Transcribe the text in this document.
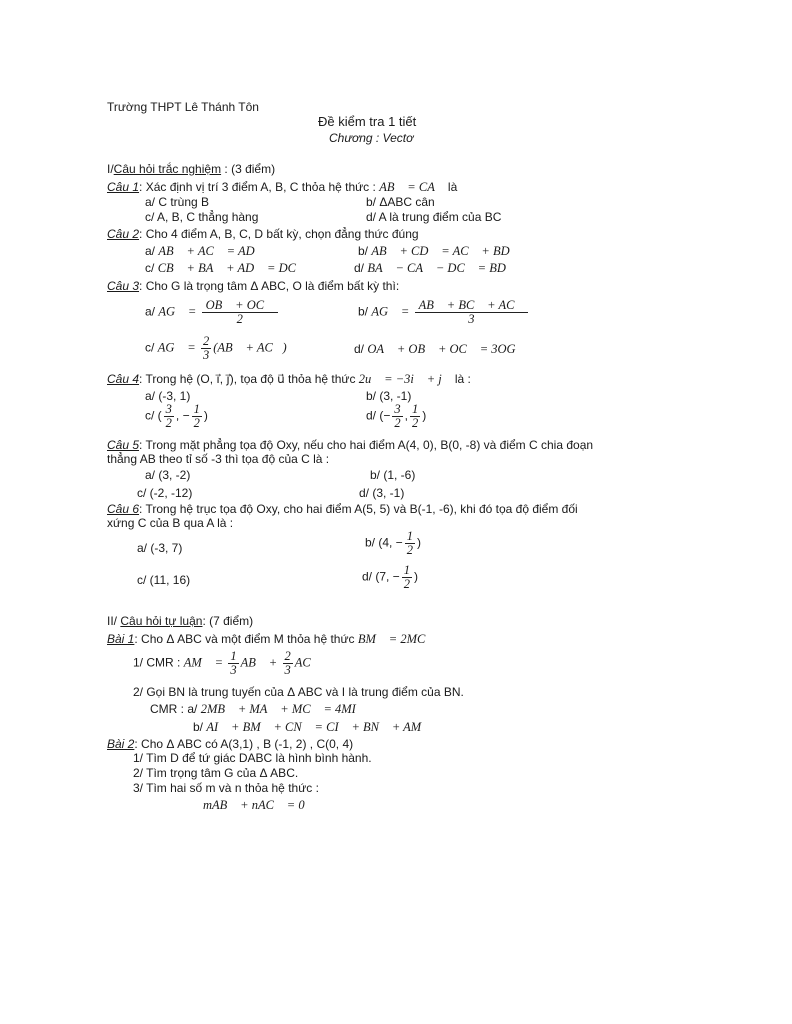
Trường THPT Lê Thánh Tôn
Đề kiểm tra 1 tiết
Chương : Vectơ
I/Câu hỏi trắc nghiệm : (3 điểm)
Câu 1: Xác định vị trí 3 điểm A, B, C thỏa hệ thức : AB⃗ = CA⃗ là
a/ C trùng B	b/ ΔABC cân
c/ A, B, C thẳng hàng	d/ A là trung điểm của BC
Câu 2: Cho 4 điểm A, B, C, D bất kỳ, chọn đẳng thức đúng
a/ AB⃗ + AC⃗ = AD⃗	b/ AB⃗ + CD⃗ = AC⃗ + BD⃗
c/ CB⃗ + BA⃗ + AD⃗ = DC⃗	d/ BA⃗ − CA⃗ − DC⃗ = BD⃗
Câu 3: Cho G là trọng tâm Δ ABC, O là điểm bất kỳ thì:
a/ AG⃗ = $\frac{OB⃗ + OC⃗}{2}$	b/ AG⃗ = $\frac{AB⃗ + BC⃗ + AC⃗}{3}$
c/ AG⃗ = $\frac{2}{3}$ (AB⃗ + AC⃗)	d/ OA⃗ + OB⃗ + OC⃗ = 3OG⃗
Câu 4: Trong hệ (O, i⃗, j⃗), tọa độ u⃗ thỏa hệ thức 2u⃗ = −3i⃗ + j⃗ là :
a/ (-3, 1)	b/ (3, -1)
c/ ( $\frac{3}{2}$ , − $\frac{1}{2}$ )	d/ (− $\frac{3}{2}$ , $\frac{1}{2}$ )
Câu 5: Trong mặt phẳng tọa độ Oxy, nếu cho hai điểm A(4, 0), B(0, -8) và điểm C chia đoạn
thẳng AB theo tỉ số -3 thì tọa độ của C là :
a/ (3, -2)	b/ (1, -6)
c/ (-2, -12)	d/ (3, -1)
Câu 6: Trong hệ trục tọa độ Oxy, cho hai điểm A(5, 5) và B(-1, -6), khi đó tọa độ điểm đối
xứng C của B qua A là :
a/ (-3, 7)	b/ (4, − $\frac{1}{2}$ )
c/ (11, 16)	d/ (7, − $\frac{1}{2}$ )
II/ Câu hỏi tự luận: (7 điểm)
Bài 1: Cho Δ ABC và một điểm M thỏa hệ thức BM⃗ = 2MC⃗
1/ CMR : AM⃗ = $\frac{1}{3}$ AB⃗ + $\frac{2}{3}$ AC⃗
2/ Gọi BN là trung tuyến của Δ ABC và I là trung điểm của BN.
CMR : a/ 2MB⃗ + MA⃗ + MC⃗ = 4MI⃗
b/ AI⃗ + BM⃗ + CN⃗ = CI⃗ + BN⃗ + AM⃗
Bài 2: Cho Δ ABC có A(3,1) , B (-1, 2) , C(0, 4)
1/ Tìm D để tứ giác DABC là hình bình hành.
2/ Tìm trọng tâm G của Δ ABC.
3/ Tìm hai số m và n thỏa hệ thức :
mAB⃗ + nAC⃗ = 0⃗
